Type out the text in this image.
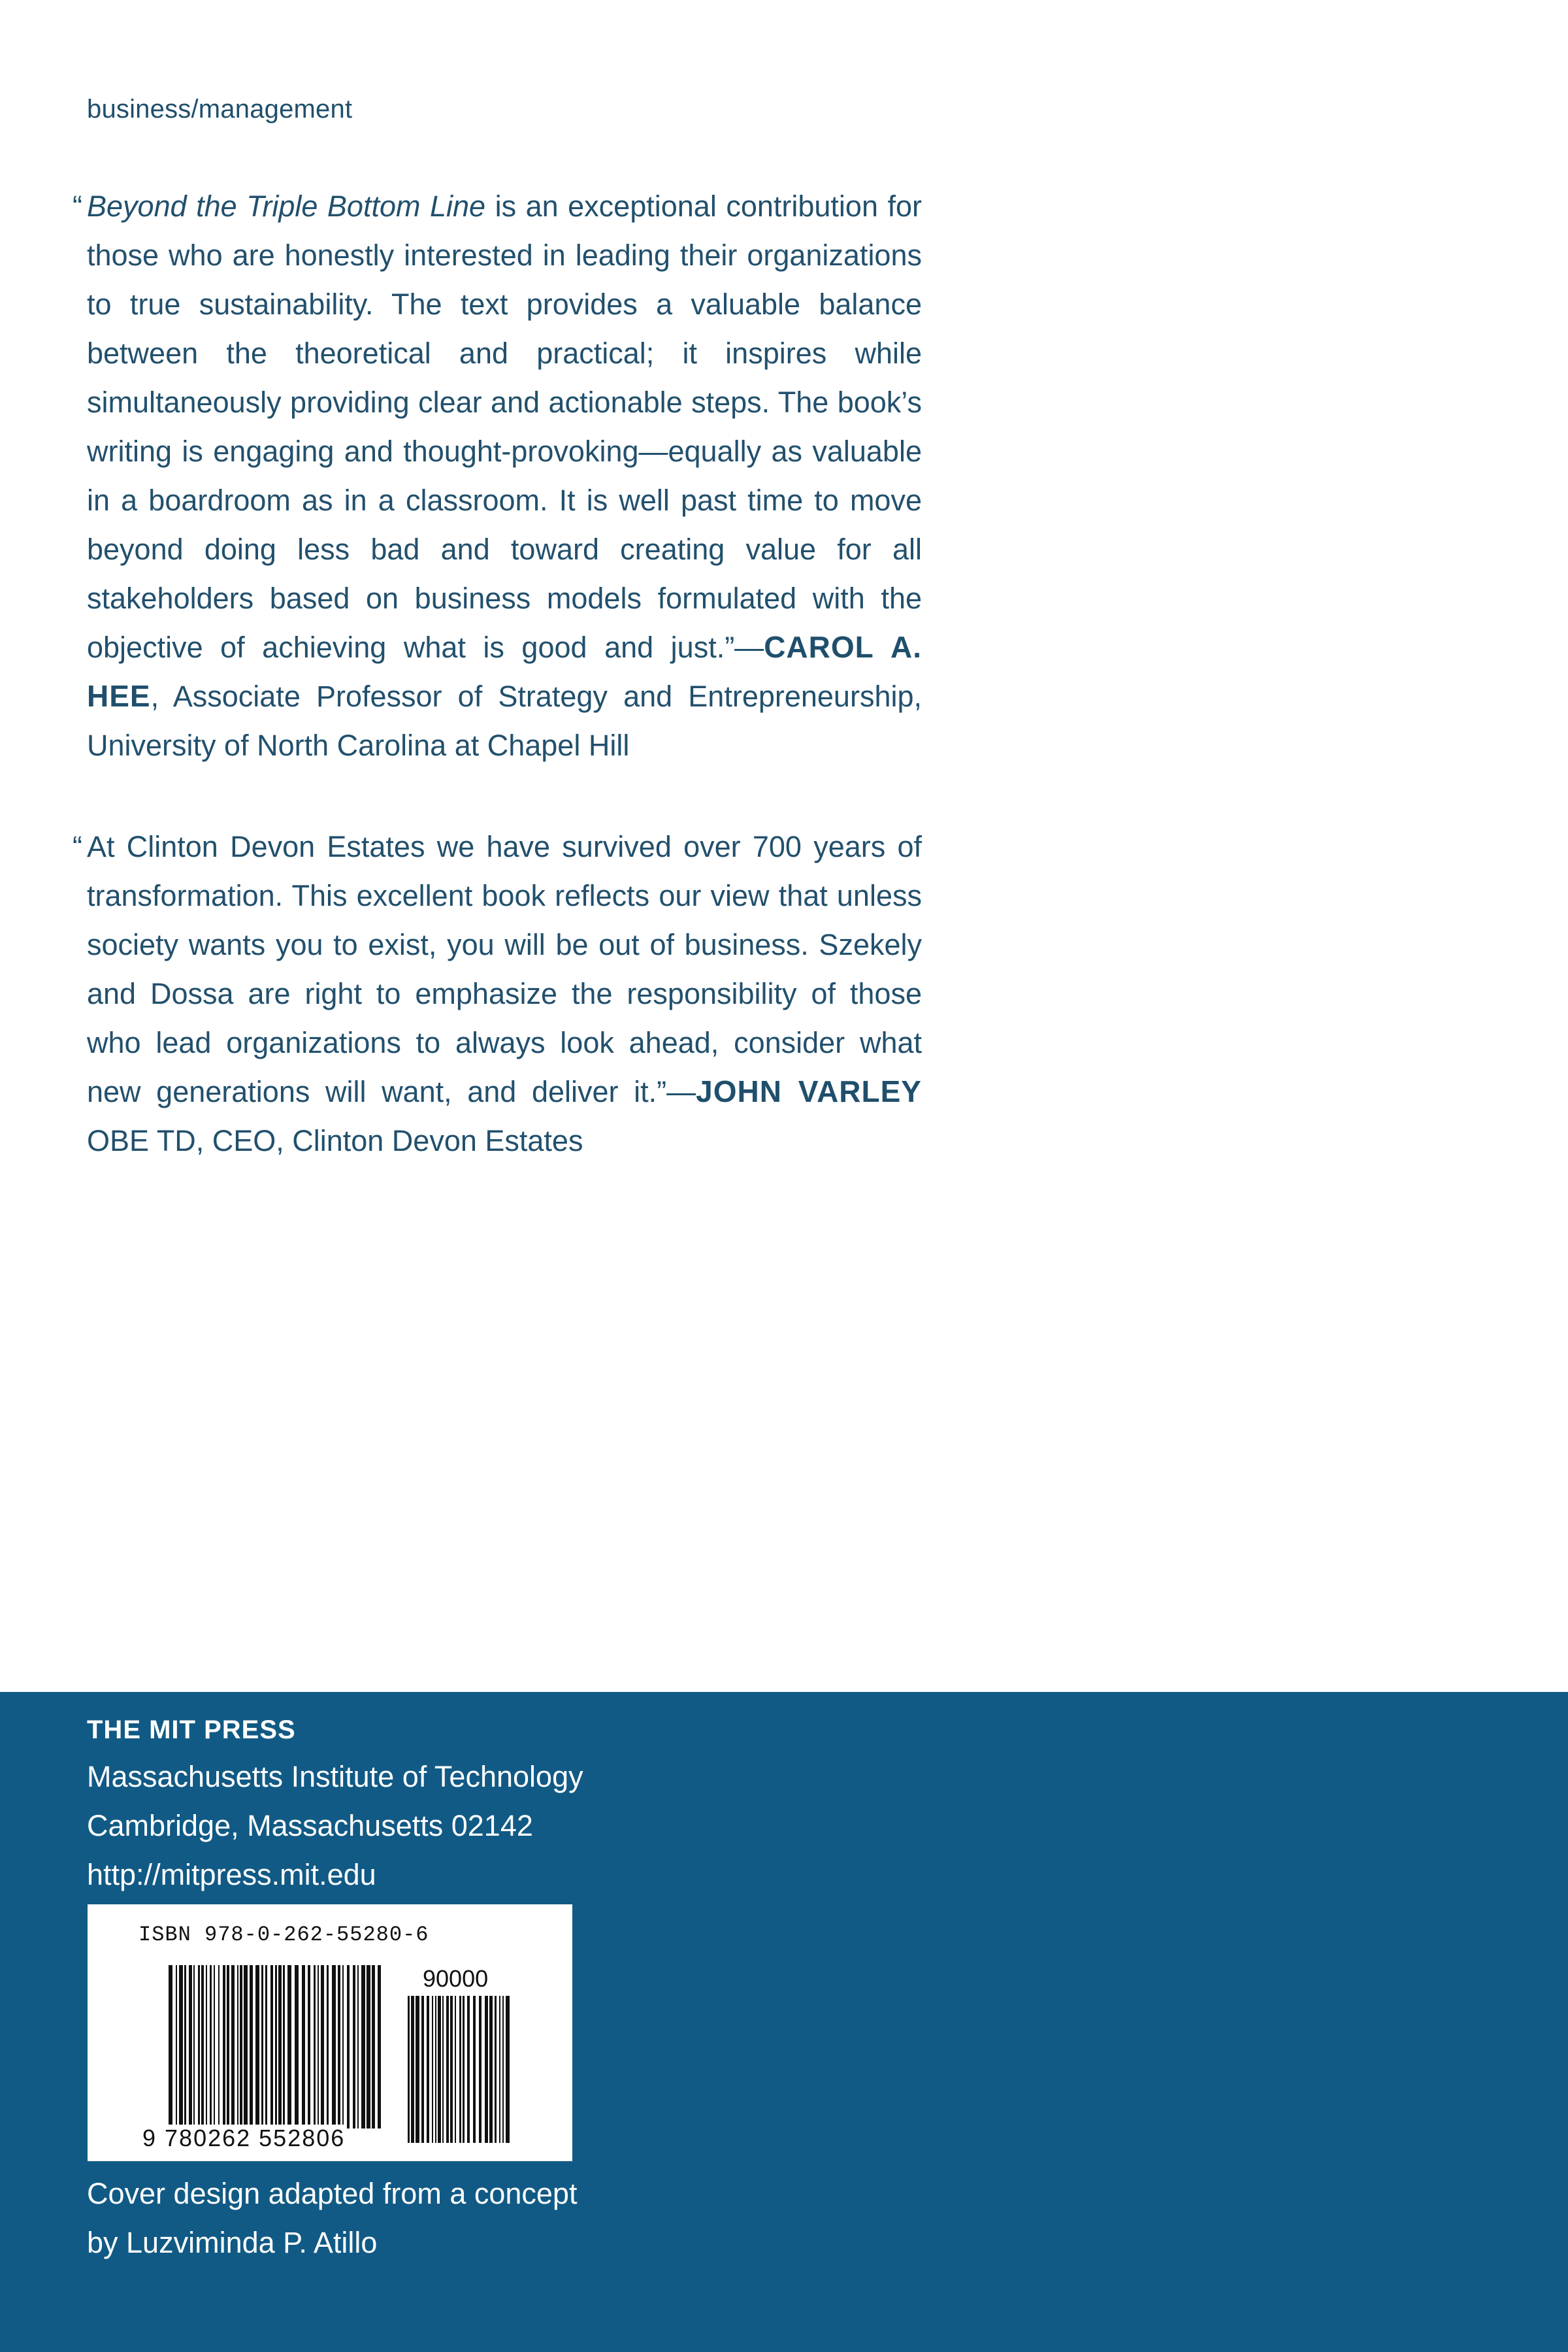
business/management
“ Beyond the Triple Bottom Line is an exceptional contribution for those who are honestly interested in leading their organizations to true sustainability. The text provides a valuable balance between the theoretical and practical; it inspires while simultaneously providing clear and actionable steps. The book’s writing is engaging and thought-provoking—equally as valuable in a boardroom as in a classroom. It is well past time to move beyond doing less bad and toward creating value for all stakeholders based on business models formulated with the objective of achieving what is good and just.”—CAROL A. HEE, Associate Professor of Strategy and Entrepreneurship, University of North Carolina at Chapel Hill
“ At Clinton Devon Estates we have survived over 700 years of transformation. This excellent book reflects our view that unless society wants you to exist, you will be out of business. Szekely and Dossa are right to emphasize the responsibility of those who lead organizations to always look ahead, consider what new generations will want, and deliver it.”—JOHN VARLEY OBE TD, CEO, Clinton Devon Estates
THE MIT PRESS
Massachusetts Institute of Technology
Cambridge, Massachusetts 02142
http://mitpress.mit.edu
ISBN 978-0-262-55280-6
90000
9 780262 552806
Cover design adapted from a concept
by Luzviminda P. Atillo
